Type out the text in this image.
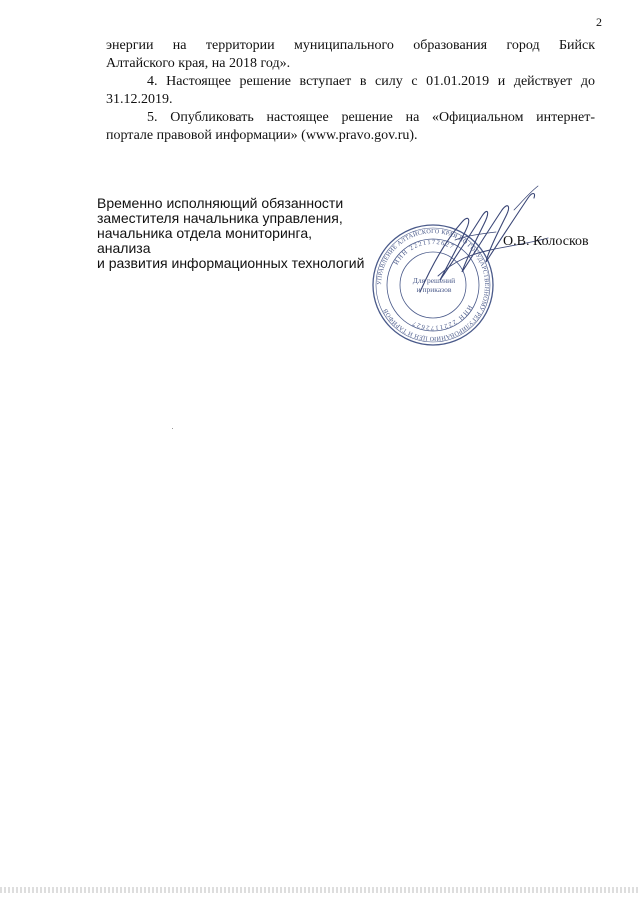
2

энергии на территории муниципального образования город Бийск

Алтайского края, на 2018 год».

4. Настоящее решение вступает в силу с 01.01.2019 и действует до

31.12.2019.

5. Опубликовать настоящее решение на «Официальном интернет-

портале правовой информации» (www.pravo.gov.ru).

Временно исполняющий обязанности
заместителя начальника управления,
начальника отдела мониторинга, анализа
и развития информационных технологий
УПРАВЛЕНИЕ АЛТАЙСКОГО КРАЯ ПО ГОСУДАРСТВЕННОМУ РЕГУЛИРОВАНИЮ ЦЕН И ТАРИФОВ
ИНН 2221172627
ИНН 2221172627
Для решений
и приказов
О.В. Колосков
